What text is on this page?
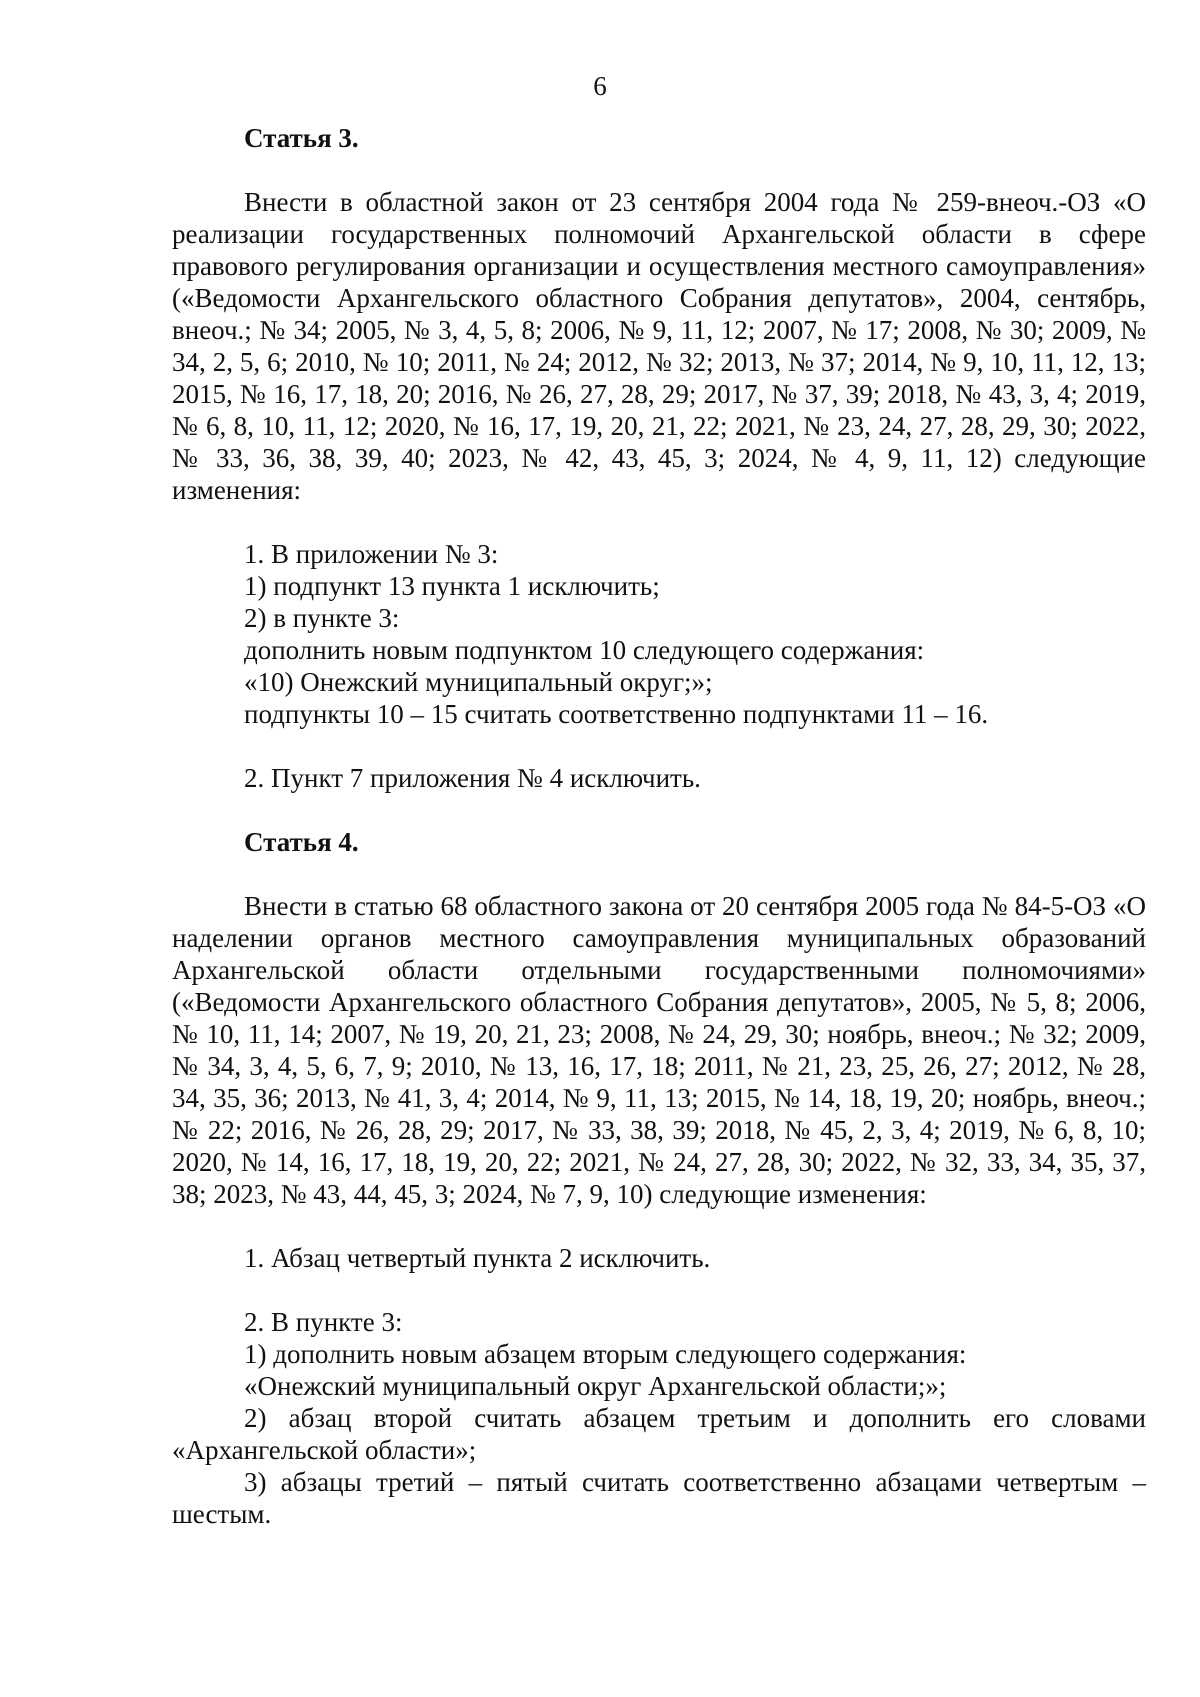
6

Статья 3.

Внести в областной закон от 23 сентября 2004 года № 259-внеоч.-ОЗ «О реализации государственных полномочий Архангельской области в сфере правового регулирования организации и осуществления местного самоуправления» («Ведомости Архангельского областного Собрания депутатов», 2004, сентябрь, внеоч.; № 34; 2005, № 3, 4, 5, 8; 2006, № 9, 11, 12; 2007, № 17; 2008, № 30; 2009, № 34, 2, 5, 6; 2010, № 10; 2011, № 24; 2012, № 32; 2013, № 37; 2014, № 9, 10, 11, 12, 13; 2015, № 16, 17, 18, 20; 2016, № 26, 27, 28, 29; 2017, № 37, 39; 2018, № 43, 3, 4; 2019, № 6, 8, 10, 11, 12; 2020, № 16, 17, 19, 20, 21, 22; 2021, № 23, 24, 27, 28, 29, 30; 2022, № 33, 36, 38, 39, 40; 2023, № 42, 43, 45, 3; 2024, № 4, 9, 11, 12) следующие изменения:

1. В приложении № 3:

1) подпункт 13 пункта 1 исключить;

2) в пункте 3:

дополнить новым подпунктом 10 следующего содержания:

«10) Онежский муниципальный округ;»;

подпункты 10 – 15 считать соответственно подпунктами 11 – 16.

2. Пункт 7 приложения № 4 исключить.

Статья 4.

Внести в статью 68 областного закона от 20 сентября 2005 года № 84-5-ОЗ «О наделении органов местного самоуправления муниципальных образований Архангельской области отдельными государственными полномочиями» («Ведомости Архангельского областного Собрания депутатов», 2005, № 5, 8; 2006, № 10, 11, 14; 2007, № 19, 20, 21, 23; 2008, № 24, 29, 30; ноябрь, внеоч.; № 32; 2009, № 34, 3, 4, 5, 6, 7, 9; 2010, № 13, 16, 17, 18; 2011, № 21, 23, 25, 26, 27; 2012, № 28, 34, 35, 36; 2013, № 41, 3, 4; 2014, № 9, 11, 13; 2015, № 14, 18, 19, 20; ноябрь, внеоч.; № 22; 2016, № 26, 28, 29; 2017, № 33, 38, 39; 2018, № 45, 2, 3, 4; 2019, № 6, 8, 10; 2020, № 14, 16, 17, 18, 19, 20, 22; 2021, № 24, 27, 28, 30; 2022, № 32, 33, 34, 35, 37, 38; 2023, № 43, 44, 45, 3; 2024, № 7, 9, 10) следующие изменения:

1. Абзац четвертый пункта 2 исключить.

2. В пункте 3:

1) дополнить новым абзацем вторым следующего содержания:

«Онежский муниципальный округ Архангельской области;»;

2) абзац второй считать абзацем третьим и дополнить его словами «Архангельской области»;

3) абзацы третий – пятый считать соответственно абзацами четвертым – шестым.
